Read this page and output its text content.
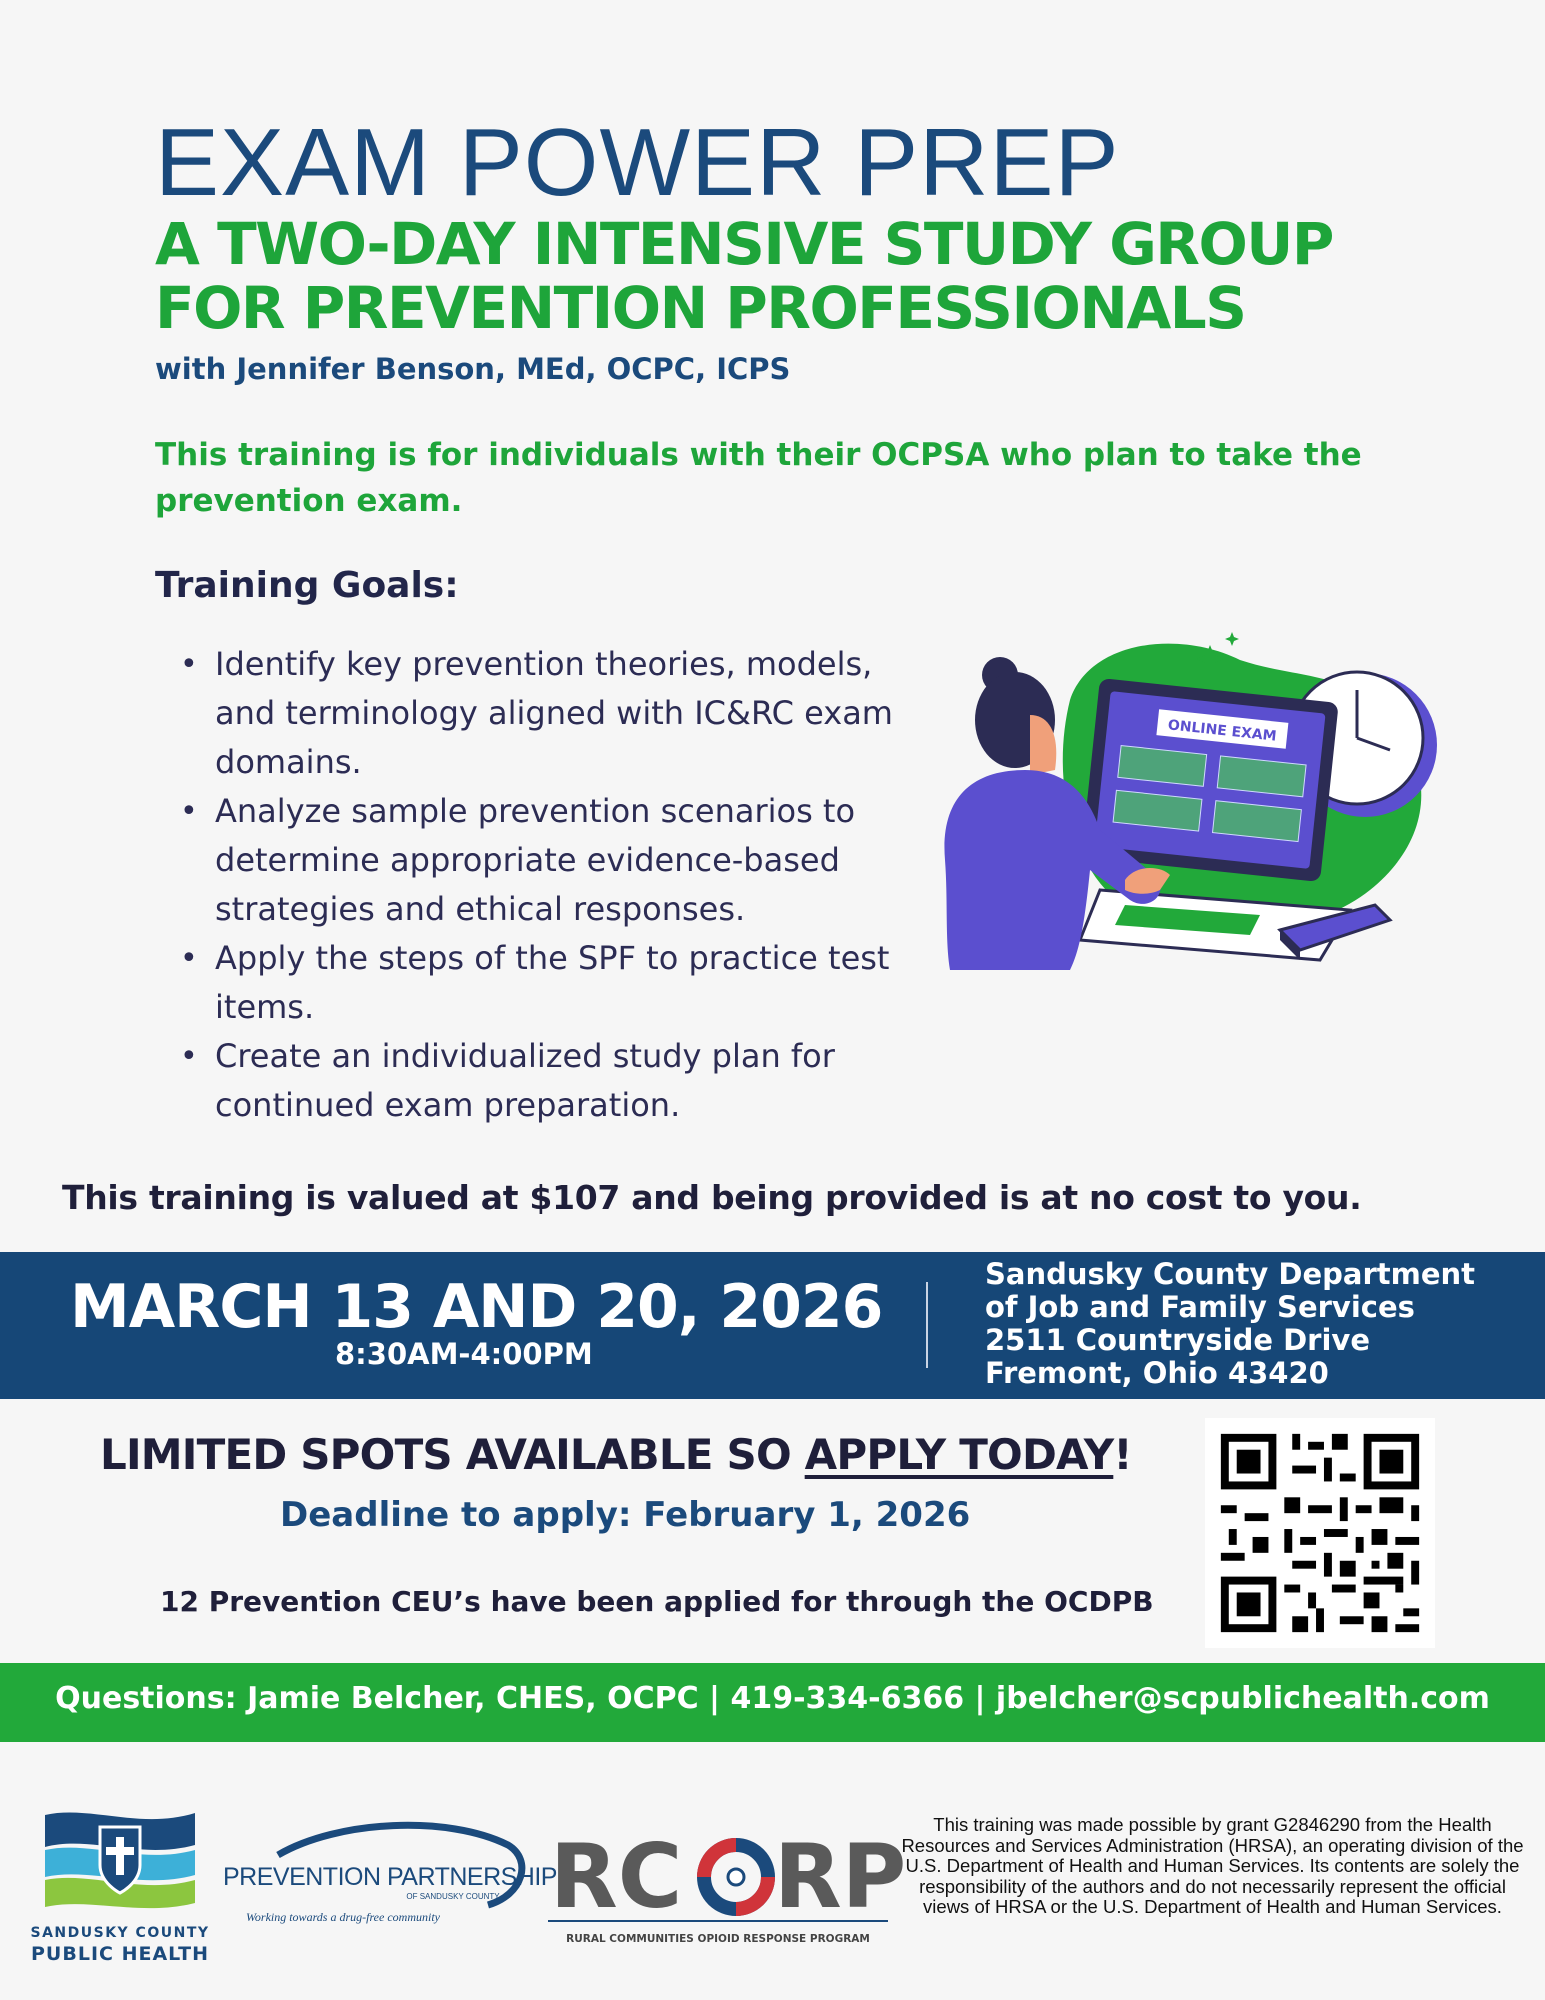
EXAM POWER PREP
A TWO-DAY INTENSIVE STUDY GROUP
FOR PREVENTION PROFESSIONALS
with Jennifer Benson, MEd, OCPC, ICPS
This training is for individuals with their OCPSA who plan to take the prevention exam.
Training Goals:
• Identify key prevention theories, models, and terminology aligned with IC&RC exam domains.
• Analyze sample prevention scenarios to determine appropriate evidence-based strategies and ethical responses.
• Apply the steps of the SPF to practice test items.
• Create an individualized study plan for continued exam preparation.
ONLINE EXAM
This training is valued at $107 and being provided is at no cost to you.
MARCH 13 AND 20, 2026
8:30AM-4:00PM
Sandusky County Department
of Job and Family Services
2511 Countryside Drive
Fremont, Ohio 43420
LIMITED SPOTS AVAILABLE SO APPLY TODAY!
Deadline to apply: February 1, 2026
12 Prevention CEU’s have been applied for through the OCDPB
Questions: Jamie Belcher, CHES, OCPC | 419-334-6366 | jbelcher@scpublichealth.com
SANDUSKY COUNTY
PUBLIC HEALTH
PREVENTION PARTNERSHIP
OF SANDUSKY COUNTY
Working towards a drug-free community RC RP
RURAL COMMUNITIES OPIOID RESPONSE PROGRAM
This training was made possible by grant G2846290 from the Health Resources and Services Administration (HRSA), an operating division of the U.S. Department of Health and Human Services. Its contents are solely the responsibility of the authors and do not necessarily represent the official views of HRSA or the U.S. Department of Health and Human Services.
